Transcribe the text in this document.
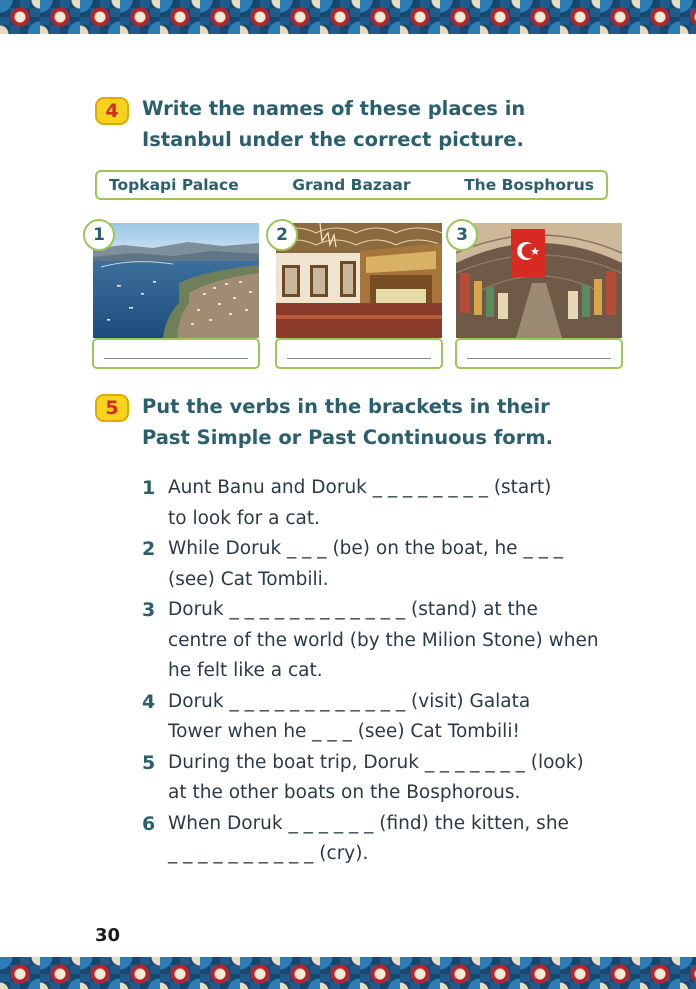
4	Write the names of these places in
Istanbul under the correct picture.
Topkapi Palace	Grand Bazaar	The Bosphorus
1	2	3
5	Put the verbs in the brackets in their
Past Simple or Past Continuous form.
1 Aunt Banu and Doruk _ _ _ _ _ _ _ _ (start)
to look for a cat.
2 While Doruk _ _ _ (be) on the boat, he _ _ _
(see) Cat Tombili.
3 Doruk _ _ _ _ _ _ _ _ _ _ _ _ (stand) at the
centre of the world (by the Milion Stone) when
he felt like a cat.
4 Doruk _ _ _ _ _ _ _ _ _ _ _ _ (visit) Galata
Tower when he _ _ _ (see) Cat Tombili!
5 During the boat trip, Doruk _ _ _ _ _ _ _ (look)
at the other boats on the Bosphorous.
6 When Doruk _ _ _ _ _ _ (find) the kitten, she
_ _ _ _ _ _ _ _ _ _ (cry).
30
